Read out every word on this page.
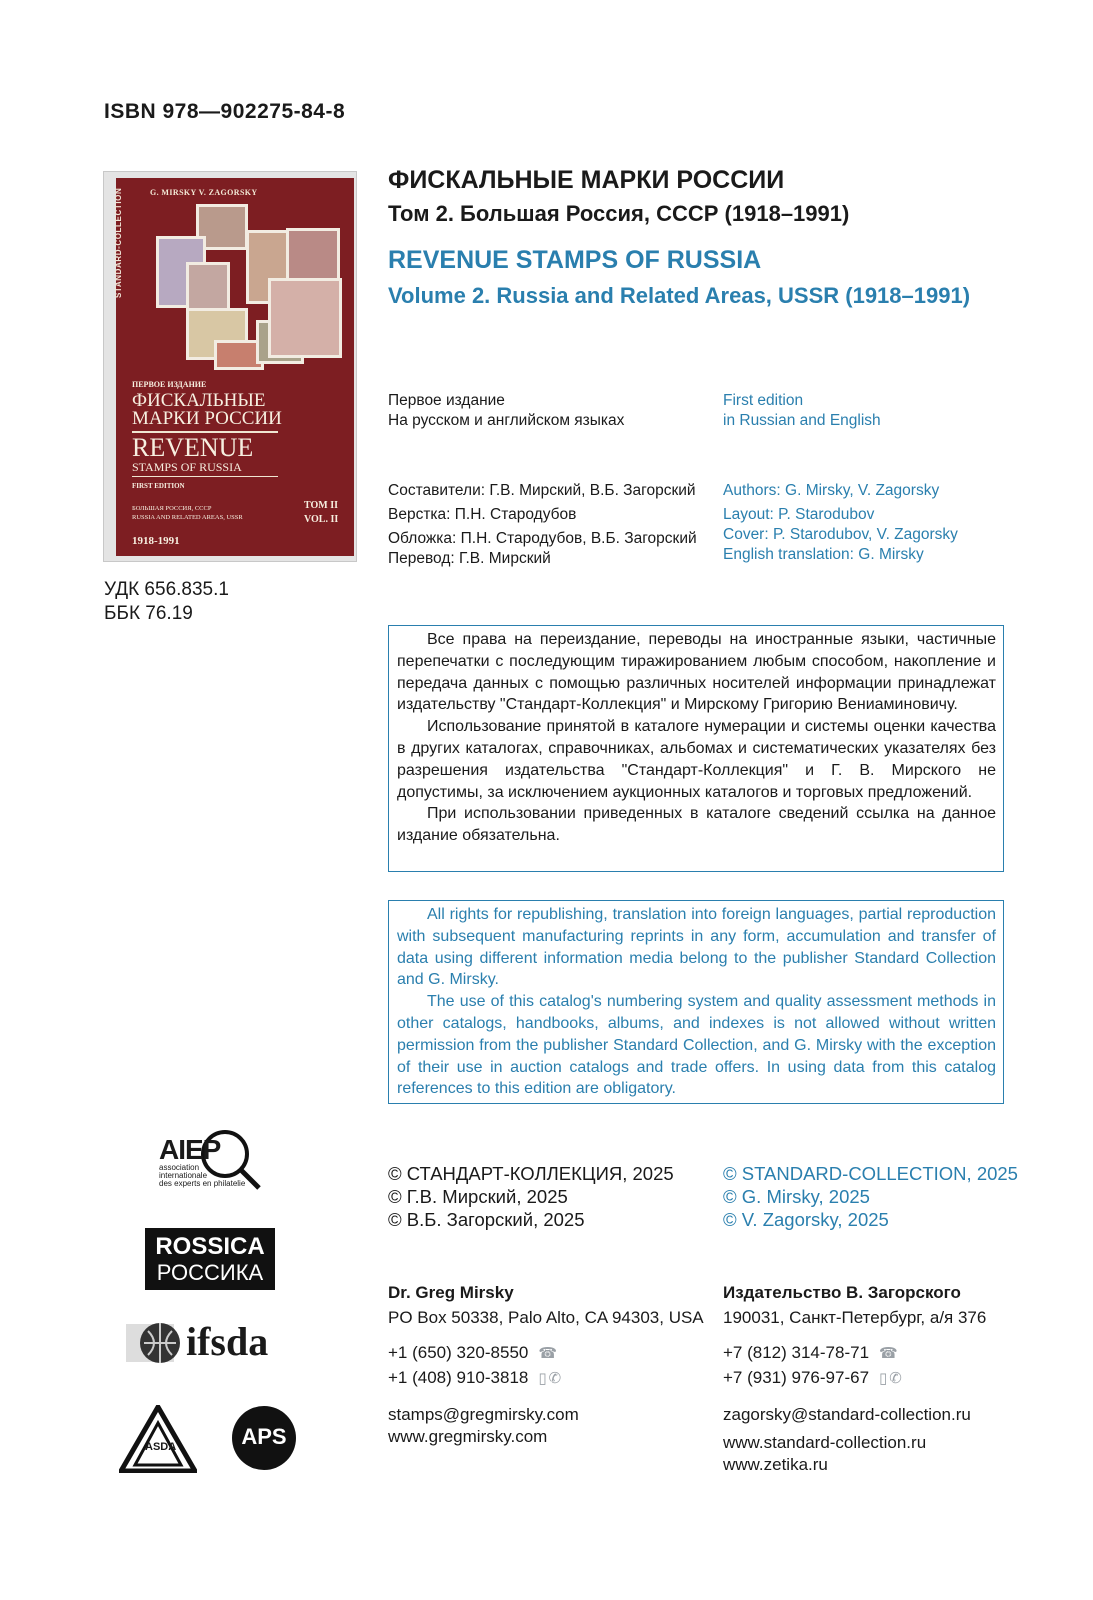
ISBN 978—902275-84-8
STANDARD-COLLECTION	G. MIRSKY V. ZAGORSKY
ПЕРВОЕ ИЗДАНИЕ
ФИСКАЛЬНЫЕ
МАРКИ РОССИИ
REVENUE
STAMPS OF RUSSIA
FIRST EDITION
БОЛЬШАЯ РОССИЯ, СССР
RUSSIA AND RELATED AREAS, USSR
1918-1991
TOM II
VOL. II
ФИСКАЛЬНЫЕ МАРКИ РОССИИ
Том 2. Большая Россия, СССР (1918–1991)
REVENUE STAMPS OF RUSSIA
Volume 2. Russia and Related Areas, USSR (1918–1991)
Первое издание
На русском и английском языках
First edition
in Russian and English
Составители: Г.В. Мирский, В.Б. Загорский
Верстка: П.Н. Стародубов
Обложка: П.Н. Стародубов, В.Б. Загорский
Перевод: Г.В. Мирский
Authors: G. Mirsky, V. Zagorsky
Layout: P. Starodubov
Cover: P. Starodubov, V. Zagorsky
English translation: G. Mirsky
УДК 656.835.1
ББК 76.19

Все права на переиздание, переводы на иностранные языки, частичные перепечатки с последующим тиражированием любым способом, накопление и передача данных с помощью различных носителей информации принадлежат издательству "Стандарт-Коллекция" и Мирскому Григорию Вениаминовичу.

Использование принятой в каталоге нумерации и системы оценки качества в других каталогах, справочниках, альбомах и систематических указателях без разрешения издательства "Стандарт-Коллекция" и Г. В. Мирского не допустимы, за исключением аукционных каталогов и торговых предложений.

При использовании приведенных в каталоге сведений ссылка на данное издание обязательна.

All rights for republishing, translation into foreign languages, partial reproduction with subsequent manufacturing reprints in any form, accumulation and transfer of data using different information media belong to the publisher Standard Collection and G. Mirsky.

The use of this catalog's numbering system and quality assessment methods in other catalogs, handbooks, albums, and indexes is not allowed without written permission from the publisher Standard Collection, and G. Mirsky with the exception of their use in auction catalogs and trade offers. In using data from this catalog references to this edition are obligatory.

AIEP
association
internationale
des experts en philatelie
ROSSICA
РОССИКА
ifsda
ASDA	APS
© СТАНДАРТ-КОЛЛЕКЦИЯ, 2025
© Г.В. Мирский, 2025
© В.Б. Загорский, 2025
© STANDARD-COLLECTION, 2025
© G. Mirsky, 2025
© V. Zagorsky, 2025
Dr. Greg Mirsky
PO Box 50338, Palo Alto, CA 94303, USA
+1 (650) 320-8550 ☎
+1 (408) 910-3818 ▯ ✆
stamps@gregmirsky.com
www.gregmirsky.com
Издательство В. Загорского
190031, Санкт-Петербург, а/я 376
+7 (812) 314-78-71 ☎
+7 (931) 976-97-67 ▯ ✆
zagorsky@standard-collection.ru
www.standard-collection.ru
www.zetika.ru
